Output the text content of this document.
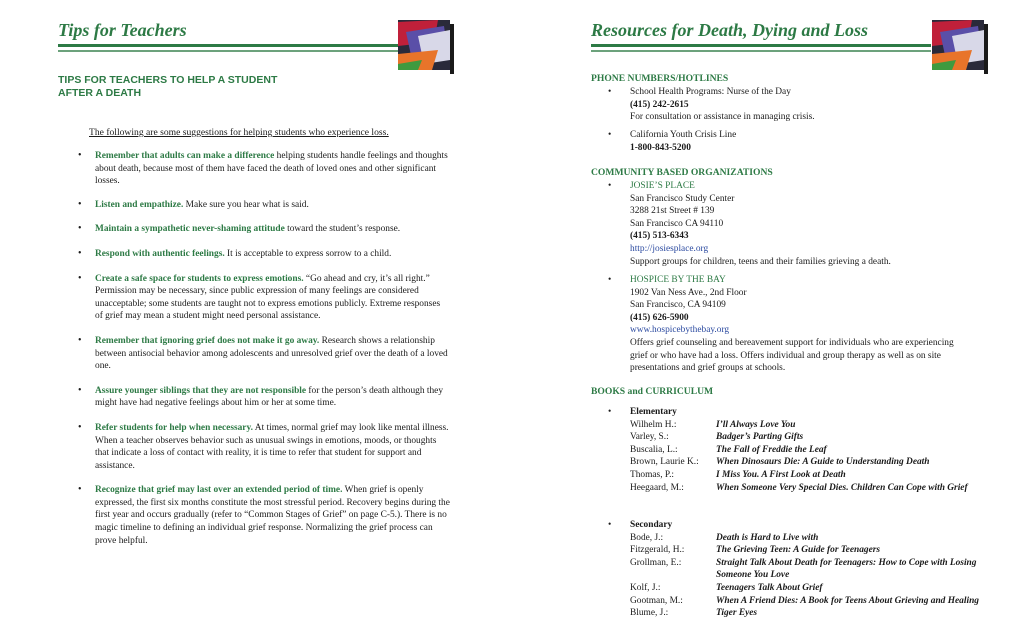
Tips for Teachers
TIPS FOR TEACHERS TO HELP A STUDENT
AFTER A DEATH
The following are some suggestions for helping students who experience loss.
• Remember that adults can make a difference helping students handle feelings and thoughts about death, because most of them have faced the death of loved ones and other significant losses.
• Listen and empathize. Make sure you hear what is said.
• Maintain a sympathetic never-shaming attitude toward the student’s response.
• Respond with authentic feelings. It is acceptable to express sorrow to a child.
• Create a safe space for students to express emotions. “Go ahead and cry, it’s all right.” Permission may be necessary, since public expression of many feelings are considered unacceptable; some students are taught not to express emotions publicly. Extreme responses of grief may mean a student might need personal assistance.
• Remember that ignoring grief does not make it go away. Research shows a relationship between antisocial behavior among adolescents and unresolved grief over the death of a loved one.
• Assure younger siblings that they are not responsible for the person’s death although they might have had negative feelings about him or her at some time.
• Refer students for help when necessary. At times, normal grief may look like mental illness. When a teacher observes behavior such as unusual swings in emotions, moods, or thoughts that indicate a loss of contact with reality, it is time to refer that student for support and assistance.
• Recognize that grief may last over an extended period of time. When grief is openly expressed, the first six months constitute the most stressful period. Recovery begins during the first year and occurs gradually (refer to “Common Stages of Grief” on page C-5.). There is no magic timeline to defining an individual grief response. Normalizing the grief process can prove helpful.
Resources for Death, Dying and Loss
PHONE NUMBERS/HOTLINES
• School Health Programs: Nurse of the Day
(415) 242-2615
For consultation or assistance in managing crisis.
• California Youth Crisis Line
1-800-843-5200
COMMUNITY BASED ORGANIZATIONS
• JOSIE’S PLACE
San Francisco Study Center
3288 21st Street # 139
San Francisco CA 94110
(415) 513-6343
http://josiesplace.org
Support groups for children, teens and their families grieving a death.
• HOSPICE BY THE BAY
1902 Van Ness Ave., 2nd Floor
San Francisco, CA 94109
(415) 626-5900
www.hospicebythebay.org
Offers grief counseling and bereavement support for individuals who are experiencing grief or who have had a loss. Offers individual and group therapy as well as on site presentations and grief groups at schools.
BOOKS and CURRICULUM
• Elementary
Wilhelm H.:	I’ll Always Love You
Varley, S.:	Badger’s Parting Gifts
Buscalia, L.:	The Fall of Freddie the Leaf
Brown, Laurie K.:	When Dinosaurs Die: A Guide to Understanding Death
Thomas, P.:	I Miss You. A First Look at Death
Heegaard, M.:	When Someone Very Special Dies. Children Can Cope with Grief
• Secondary
Bode, J.:	Death is Hard to Live with
Fitzgerald, H.:	The Grieving Teen: A Guide for Teenagers
Grollman, E.:	Straight Talk About Death for Teenagers: How to Cope with Losing Someone You Love
Kolf, J.:	Teenagers Talk About Grief
Gootman, M.:	When A Friend Dies: A Book for Teens About Grieving and Healing
Blume, J.:	Tiger Eyes
